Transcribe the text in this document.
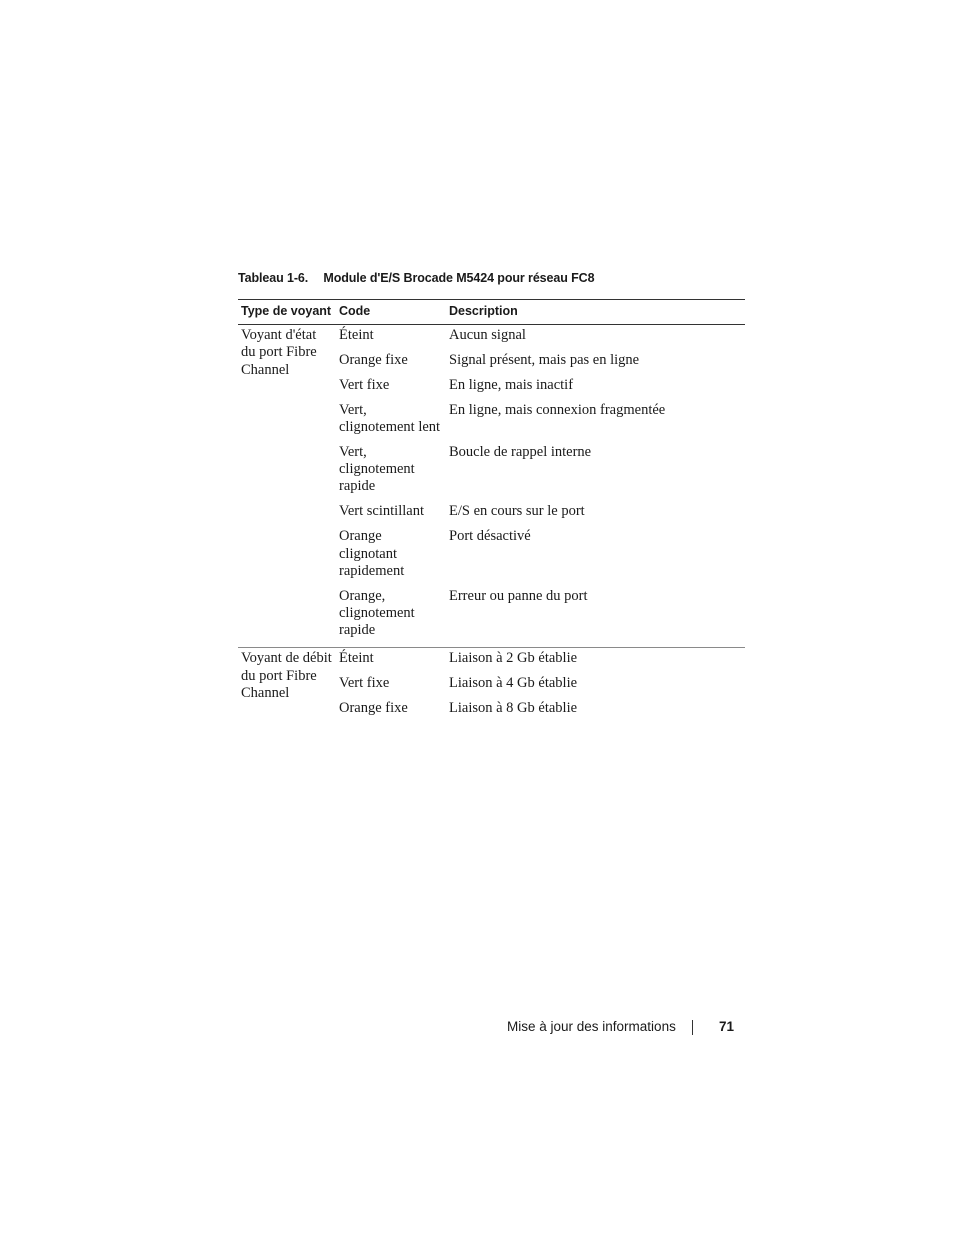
Tableau 1-6. Module d'E/S Brocade M5424 pour réseau FC8
Type de voyant	Code	Description
Voyant d'état du port Fibre Channel	Éteint	Aucun signal
	Orange fixe	Signal présent, mais pas en ligne
	Vert fixe	En ligne, mais inactif
	Vert, clignotement lent	En ligne, mais connexion fragmentée
	Vert, clignotement rapide	Boucle de rappel interne
	Vert scintillant	E/S en cours sur le port
	Orange clignotant rapidement	Port désactivé
	Orange, clignotement rapide	Erreur ou panne du port
Voyant de débit du port Fibre Channel	Éteint	Liaison à 2 Gb établie
	Vert fixe	Liaison à 4 Gb établie
	Orange fixe	Liaison à 8 Gb établie
Mise à jour des informations	71
